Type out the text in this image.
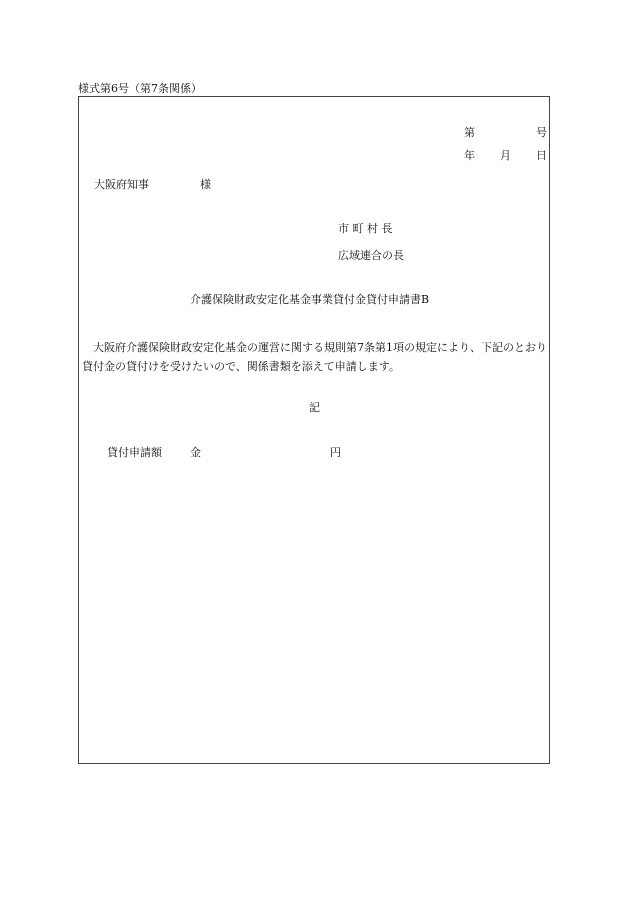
様式第6号（第7条関係）
第	号
年 月 日
大阪府知事	様
市 町 村 長
広域連合の長
介護保険財政安定化基金事業貸付金貸付申請書B
大阪府介護保険財政安定化基金の運営に関する規則第7条第1項の規定により、下記のとおり貸付金の貸付けを受けたいので、関係書類を添えて申請します。
記
貸付申請額	金	円
